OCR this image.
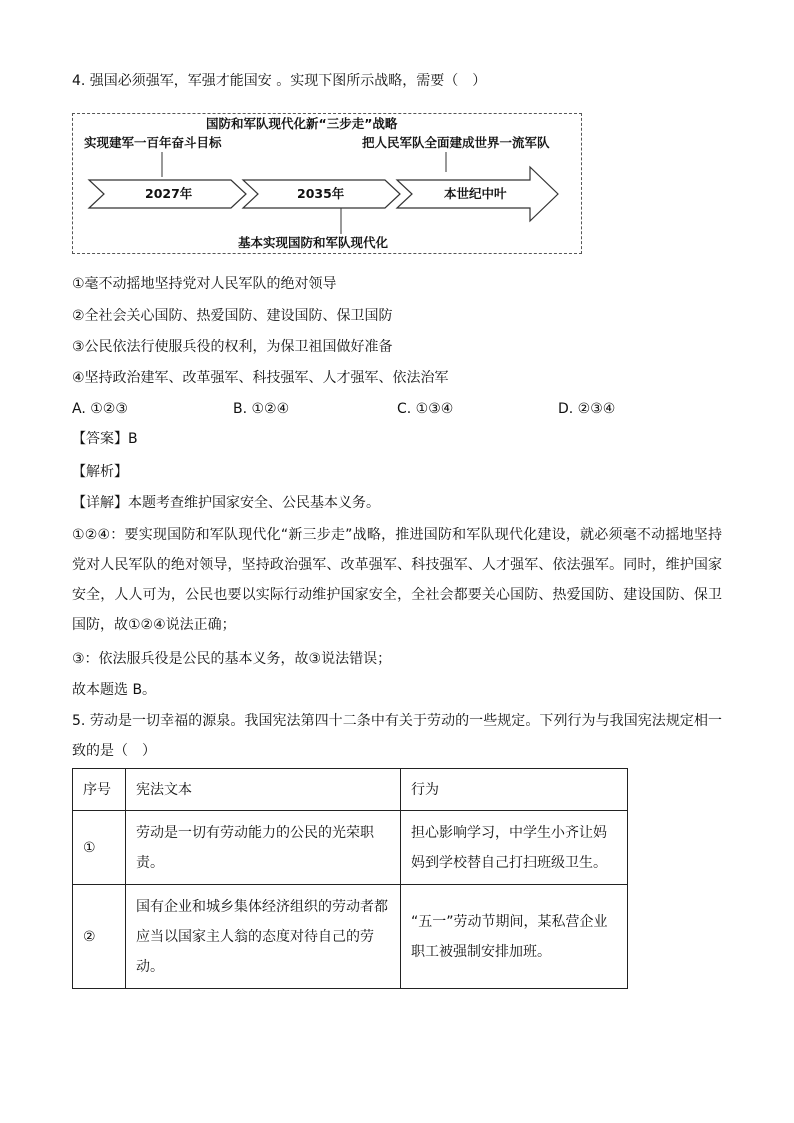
4. 强国必须强军，军强才能国安 。实现下图所示战略，需要（　）
国防和军队现代化新“三步走”战略
实现建军一百年奋斗目标	把人民军队全面建成世界一流军队
2027年	2035年	本世纪中叶
基本实现国防和军队现代化
①毫不动摇地坚持党对人民军队的绝对领导
②全社会关心国防、热爱国防、建设国防、保卫国防
③公民依法行使服兵役的权利，为保卫祖国做好准备
④坚持政治建军、改革强军、科技强军、人才强军、依法治军
A. ①②③	B. ①②④	C. ①③④	D. ②③④
【答案】B
【解析】
【详解】本题考查维护国家安全、公民基本义务。
①②④：要实现国防和军队现代化“新三步走”战略，推进国防和军队现代化建设，就必须毫不动摇地坚持党对人民军队的绝对领导，坚持政治强军、改革强军、科技强军、人才强军、依法强军。同时，维护国家安全，人人可为，公民也要以实际行动维护国家安全，全社会都要关心国防、热爱国防、建设国防、保卫国防，故①②④说法正确；
③：依法服兵役是公民的基本义务，故③说法错误；
故本题选 B。
5. 劳动是一切幸福的源泉。我国宪法第四十二条中有关于劳动的一些规定。下列行为与我国宪法规定相一致的是（　）
序号	宪法文本	行为
①	劳动是一切有劳动能力的公民的光荣职责。	担心影响学习，中学生小齐让妈妈到学校替自己打扫班级卫生。
②	国有企业和城乡集体经济组织的劳动者都应当以国家主人翁的态度对待自己的劳动。	“五一”劳动节期间，某私营企业职工被强制安排加班。
